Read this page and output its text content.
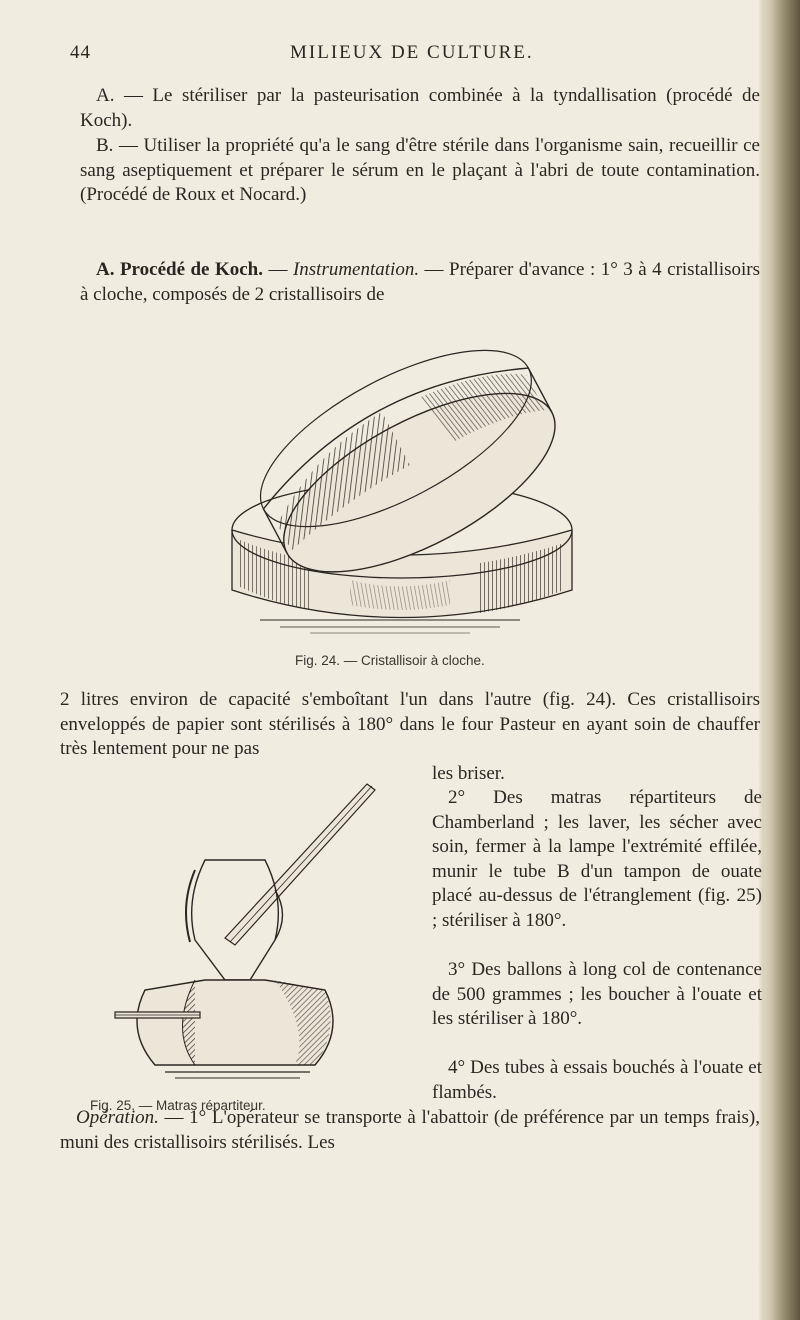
44	MILIEUX DE CULTURE.

A. — Le stériliser par la pasteurisation combinée à la tyndallisation (procédé de Koch).

B. — Utiliser la propriété qu'a le sang d'être stérile dans l'organisme sain, recueillir ce sang aseptiquement et préparer le sérum en le plaçant à l'abri de toute contamination. (Procédé de Roux et Nocard.)

A. Procédé de Koch. — Instrumentation. — Préparer d'avance : 1° 3 à 4 cristallisoirs à cloche, composés de 2 cristallisoirs de

Fig. 24. — Cristallisoir à cloche.

2 litres environ de capacité s'emboîtant l'un dans l'autre (fig. 24). Ces cristallisoirs enveloppés de papier sont stérilisés à 180° dans le four Pasteur en ayant soin de chauffer très lentement pour ne pas

les briser.

Fig. 25. — Matras répartiteur.

2° Des matras répartiteurs de Chamberland ; les laver, les sécher avec soin, fermer à la lampe l'extrémité effilée, munir le tube B d'un tampon de ouate placé au-dessus de l'étranglement (fig. 25) ; stériliser à 180°.

3° Des ballons à long col de contenance de 500 grammes ; les boucher à l'ouate et les stériliser à 180°.

4° Des tubes à essais bouchés à l'ouate et flambés.

Opération. — 1° L'opérateur se transporte à l'abattoir (de préférence par un temps frais), muni des cristallisoirs stérilisés. Les
